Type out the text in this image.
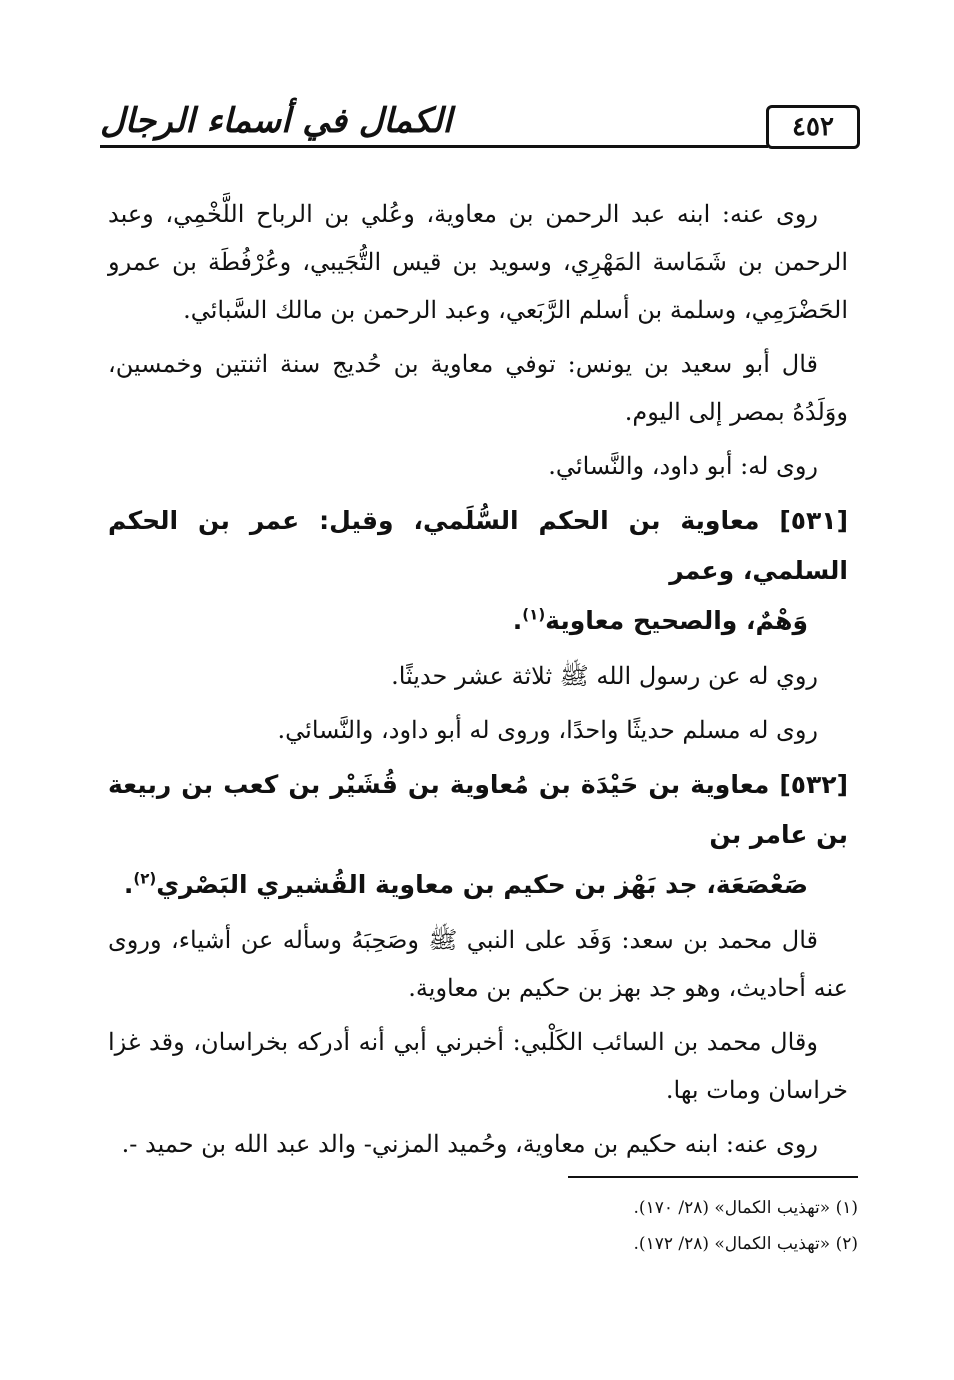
الكمال في أسماء الرجال	٤٥٢

روى عنه: ابنه عبد الرحمن بن معاوية، وعُلي بن الرباح اللَّخْمِي، وعبد الرحمن بن شَمَاسة المَهْرِي، وسويد بن قيس التُّجَيبي، وعُرْفُطَة بن عمرو الحَضْرَمِي، وسلمة بن أسلم الرَّبَعي، وعبد الرحمن بن مالك السَّبائي.

قال أبو سعيد بن يونس: توفي معاوية بن حُديج سنة اثنتين وخمسين، ووَلَدُهُ بمصر إلى اليوم.

روى له: أبو داود، والنَّسائي.

[٥٣١] معاوية بن الحكم السُّلَمي، وقيل: عمر بن الحكم السلمي، وعمر
وَهْمٌ، والصحيح معاوية$^{(١)}$.

روي له عن رسول الله ﷺ ثلاثة عشر حديثًا.

روى له مسلم حديثًا واحدًا، وروى له أبو داود، والنَّسائي.

[٥٣٢] معاوية بن حَيْدَة بن مُعاوية بن قُشَيْر بن كعب بن ربيعة بن عامر بن
صَعْصَعَة، جد بَهْز بن حكيم بن معاوية القُشيري البَصْري$^{(٢)}$.

قال محمد بن سعد: وَفَد على النبي ﷺ وصَحِبَهُ وسأله عن أشياء، وروى عنه أحاديث، وهو جد بهز بن حكيم بن معاوية.

وقال محمد بن السائب الكَلْبي: أخبرني أبي أنه أدركه بخراسان، وقد غزا خراسان ومات بها.

روى عنه: ابنه حكيم بن معاوية، وحُميد المزني- والد عبد الله بن حميد -.

(١) «تهذيب الكمال» (٢٨/ ١٧٠).
(٢) «تهذيب الكمال» (٢٨/ ١٧٢).
